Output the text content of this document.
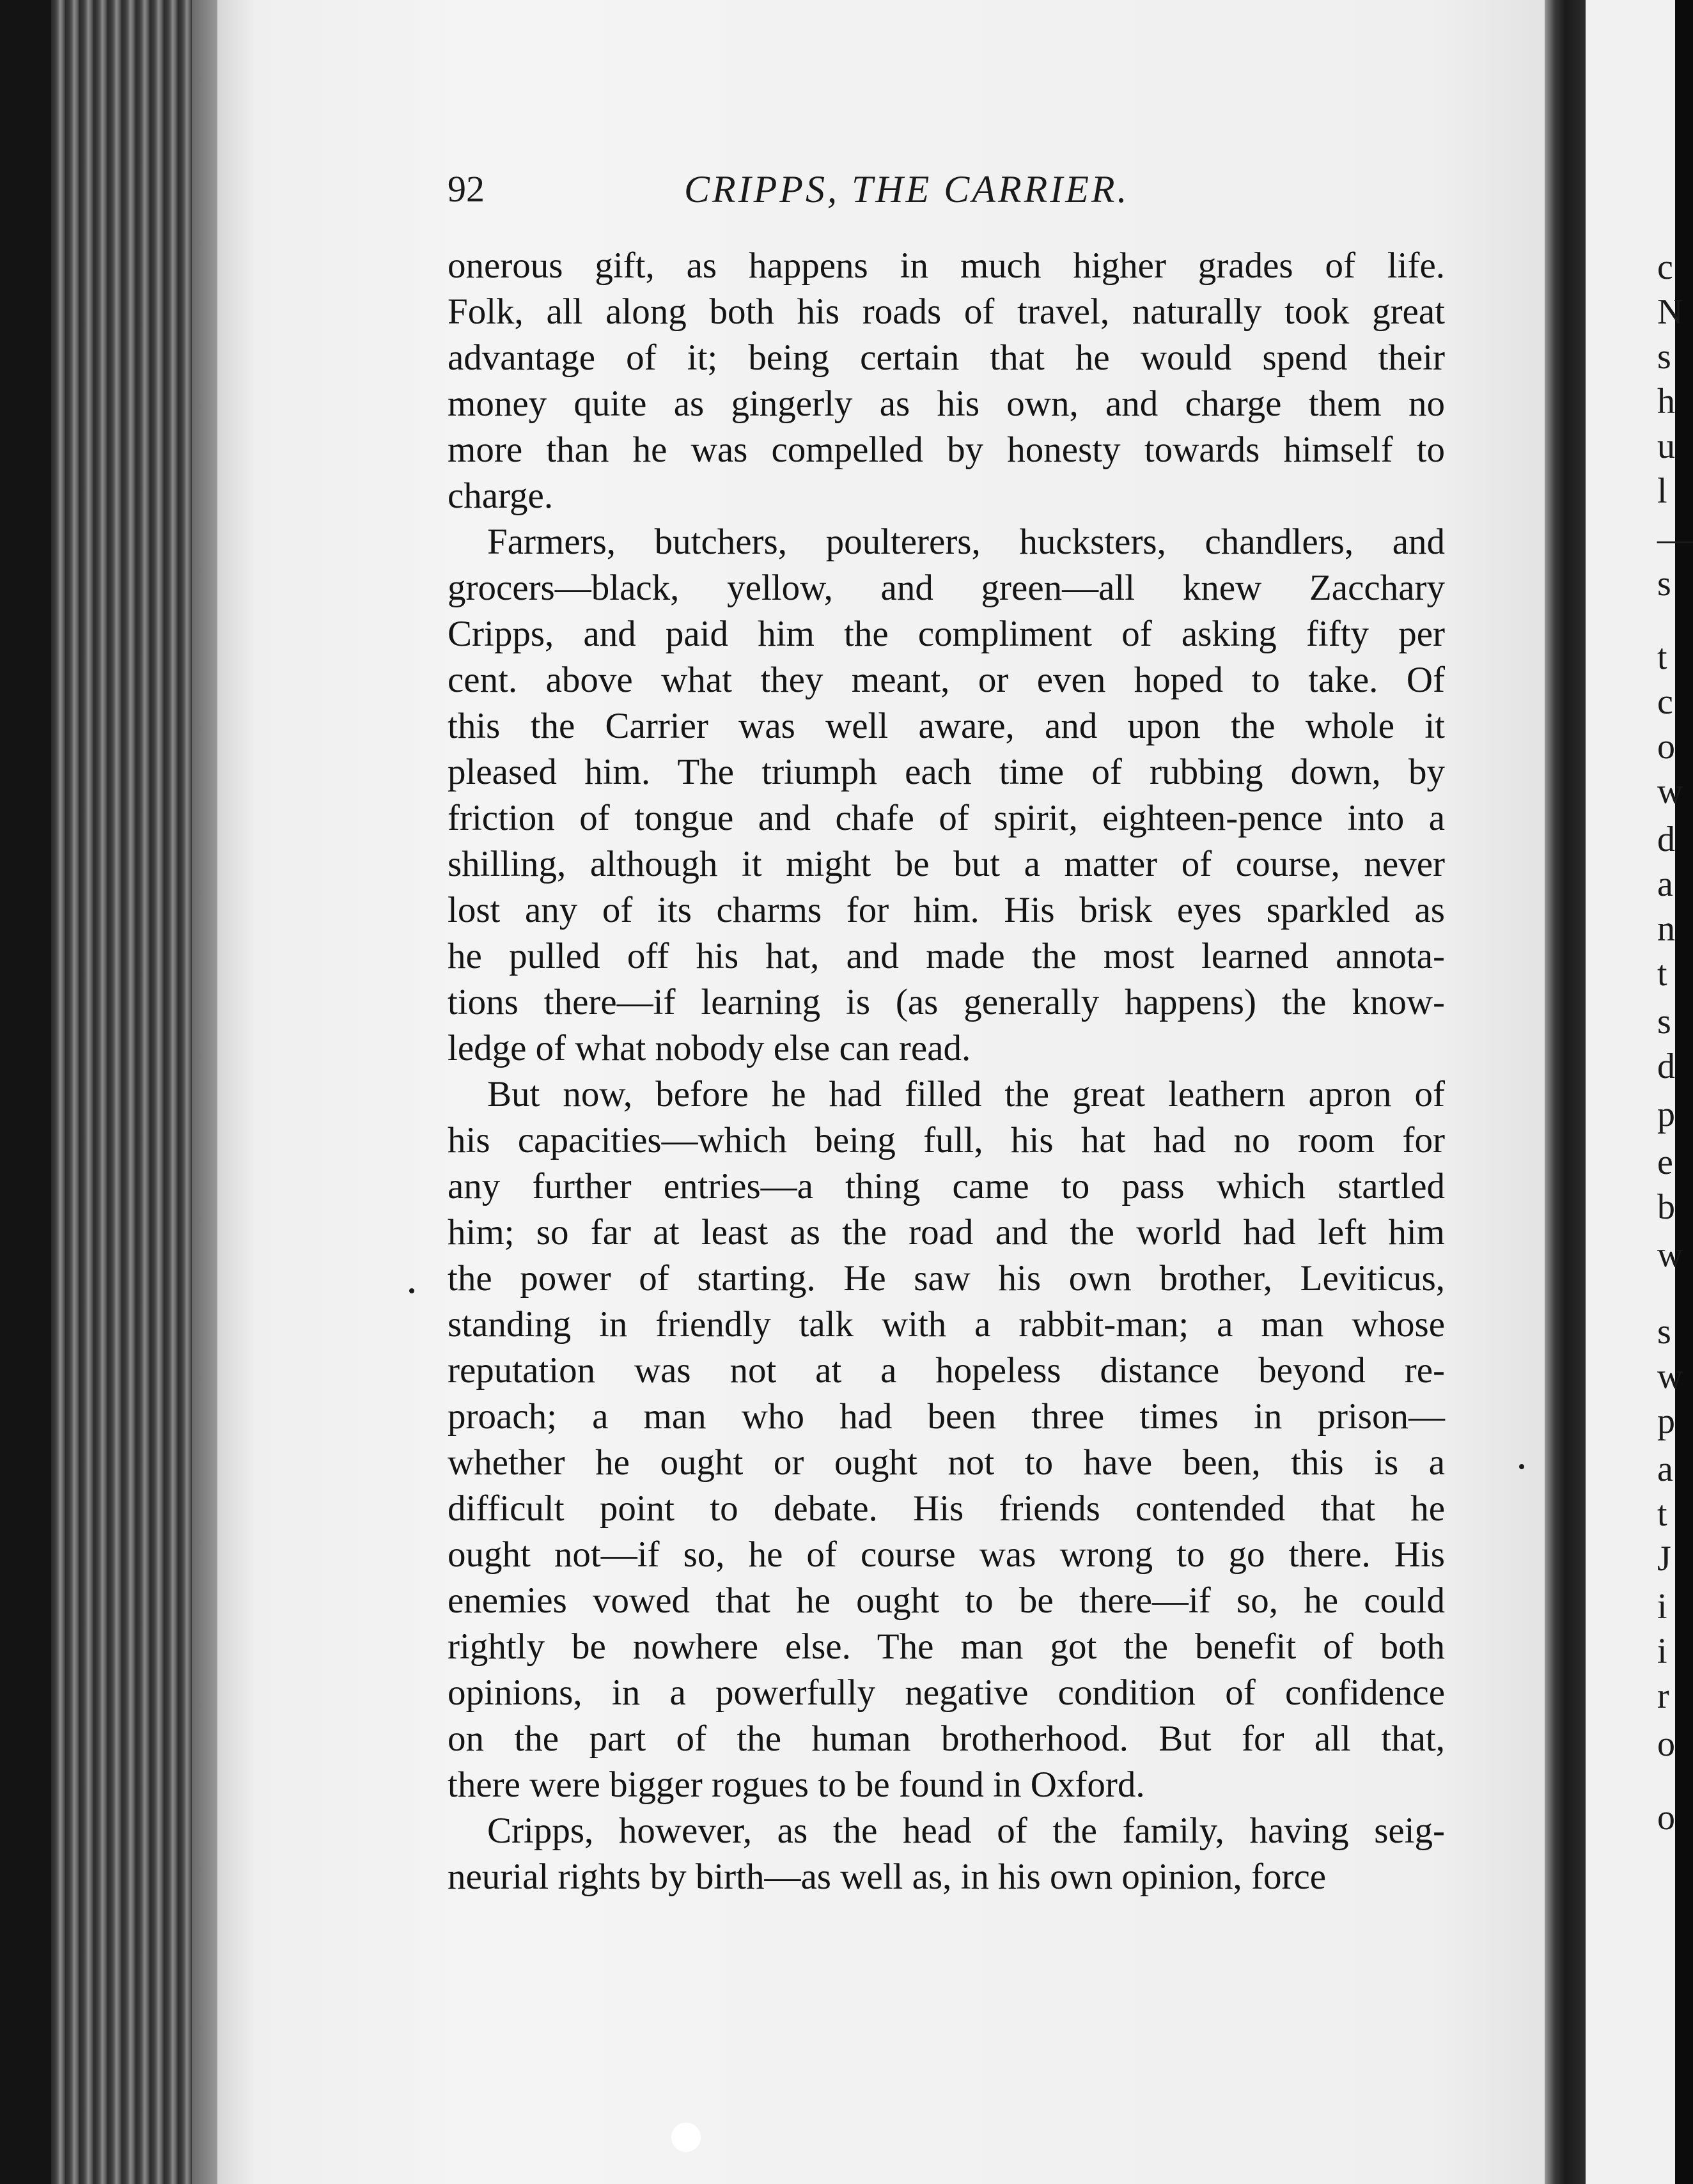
92	CRIPPS, THE CARRIER.
onerous gift, as happens in much higher grades of life.
Folk, all along both his roads of travel, naturally took great
advantage of it; being certain that he would spend their
money quite as gingerly as his own, and charge them no
more than he was compelled by honesty towards himself to
charge.
Farmers, butchers, poulterers, hucksters, chandlers, and
grocers—black, yellow, and green—all knew Zacchary
Cripps, and paid him the compliment of asking fifty per
cent. above what they meant, or even hoped to take. Of
this the Carrier was well aware, and upon the whole it
pleased him. The triumph each time of rubbing down, by
friction of tongue and chafe of spirit, eighteen-pence into a
shilling, although it might be but a matter of course, never
lost any of its charms for him. His brisk eyes sparkled as
he pulled off his hat, and made the most learned annota-
tions there—if learning is (as generally happens) the know-
ledge of what nobody else can read.
But now, before he had filled the great leathern apron of
his capacities—which being full, his hat had no room for
any further entries—a thing came to pass which startled
him; so far at least as the road and the world had left him
the power of starting. He saw his own brother, Leviticus,
standing in friendly talk with a rabbit-man; a man whose
reputation was not at a hopeless distance beyond re-
proach; a man who had been three times in prison—
whether he ought or ought not to have been, this is a
difficult point to debate. His friends contended that he
ought not—if so, he of course was wrong to go there. His
enemies vowed that he ought to be there—if so, he could
rightly be nowhere else. The man got the benefit of both
opinions, in a powerfully negative condition of confidence
on the part of the human brotherhood. But for all that,
there were bigger rogues to be found in Oxford.
Cripps, however, as the head of the family, having seig-
neurial rights by birth—as well as, in his own opinion, force
c
N
s
h
u
l
—
s
t
c
o
w
d
a
n
t
s
d
p
e
b
w
s
w
p
a
t
J
i
i
r
o
o
